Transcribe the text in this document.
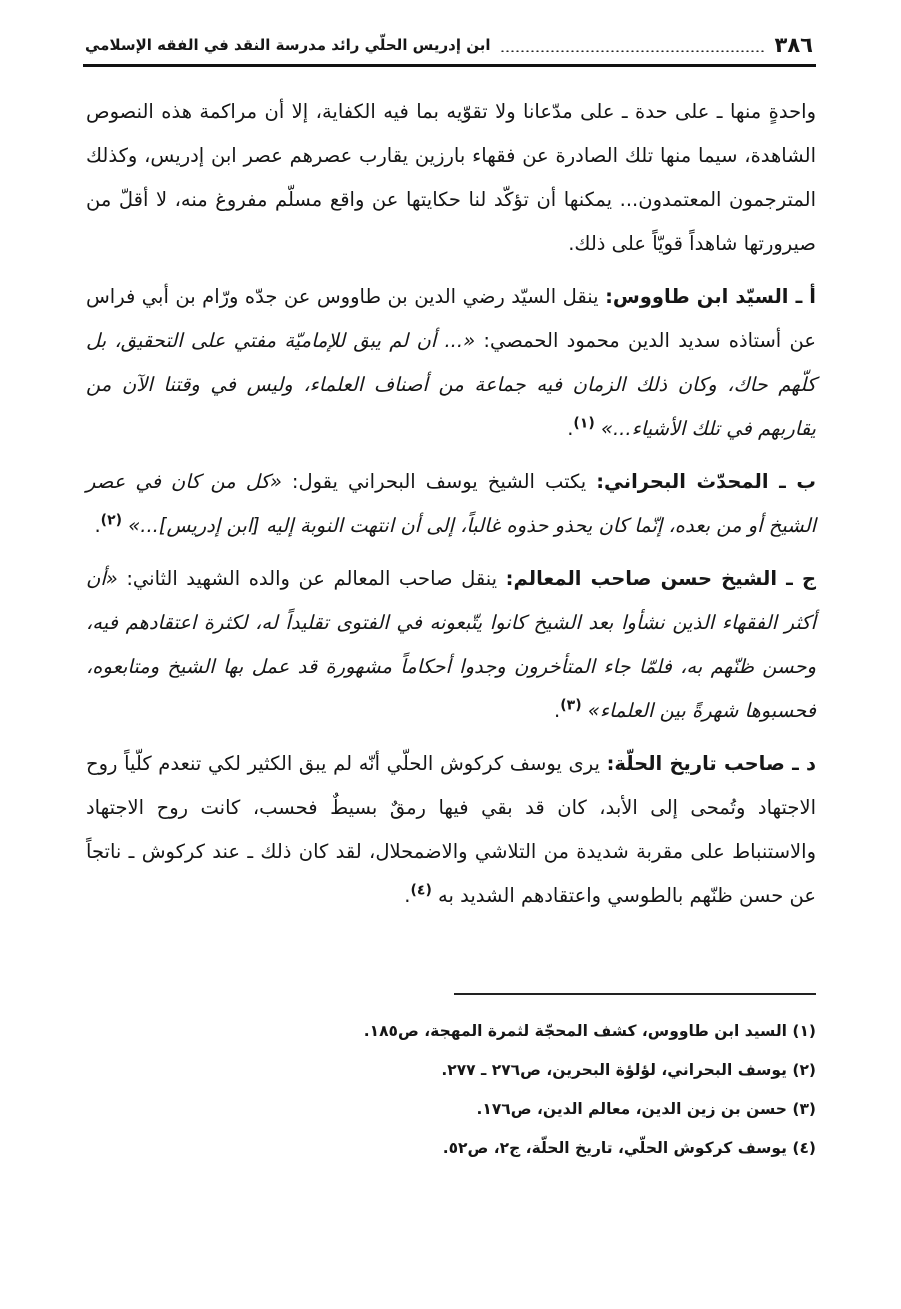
٣٨٦
ابن إدريس الحلّي رائد مدرسة النقد في الفقه الإسلامي

واحدةٍ منها ـ على حدة ـ على مدّعانا ولا تقوّيه بما فيه الكفاية، إلا أن مراكمة هذه النصوص الشاهدة، سيما منها تلك الصادرة عن فقهاء بارزين يقارب عصرهم عصر ابن إدريس، وكذلك المترجمون المعتمدون... يمكنها أن تؤكّد لنا حكايتها عن واقع مسلّم مفروغ منه، لا أقلّ من صيرورتها شاهداً قويّاً على ذلك.

أ ـ السيّد ابن طاووس: ينقل السيّد رضي الدين بن طاووس عن جدّه ورّام بن أبي فراس عن أستاذه سديد الدين محمود الحمصي: «... أن لم يبق للإماميّة مفتي على التحقيق، بل كلّهم حاك، وكان ذلك الزمان فيه جماعة من أصناف العلماء، وليس في وقتنا الآن من يقاربهم في تلك الأشياء...» $^{(١)}$.

ب ـ المحدّث البحراني: يكتب الشيخ يوسف البحراني يقول: «كل من كان في عصر الشيخ أو من بعده، إنّما كان يحذو حذوه غالباً، إلى أن انتهت النوبة إليه [ابن إدريس]...» $^{(٢)}$.

ج ـ الشيخ حسن صاحب المعالم: ينقل صاحب المعالم عن والده الشهيد الثاني: «أن أكثر الفقهاء الذين نشأوا بعد الشيخ كانوا يتّبعونه في الفتوى تقليداً له، لكثرة اعتقادهم فيه، وحسن ظنّهم به، فلمّا جاء المتأخرون وجدوا أحكاماً مشهورة قد عمل بها الشيخ ومتابعوه، فحسبوها شهرةً بين العلماء» $^{(٣)}$.

د ـ صاحب تاريخ الحلّة: يرى يوسف كركوش الحلّي أنّه لم يبق الكثير لكي تنعدم كلّياً روح الاجتهاد وتُمحى إلى الأبد، كان قد بقي فيها رمقٌ بسيطٌ فحسب، كانت روح الاجتهاد والاستنباط على مقربة شديدة من التلاشي والاضمحلال، لقد كان ذلك ـ عند كركوش ـ ناتجاً عن حسن ظنّهم بالطوسي واعتقادهم الشديد به $^{(٤)}$.

(١) السيد ابن طاووس، كشف المحجّة لثمرة المهجة، ص١٨٥.

(٢) يوسف البحراني، لؤلؤة البحرين، ص٢٧٦ ـ ٢٧٧.

(٣) حسن بن زين الدين، معالم الدين، ص١٧٦.

(٤) يوسف كركوش الحلّي، تاريخ الحلّة، ج٢، ص٥٢.
